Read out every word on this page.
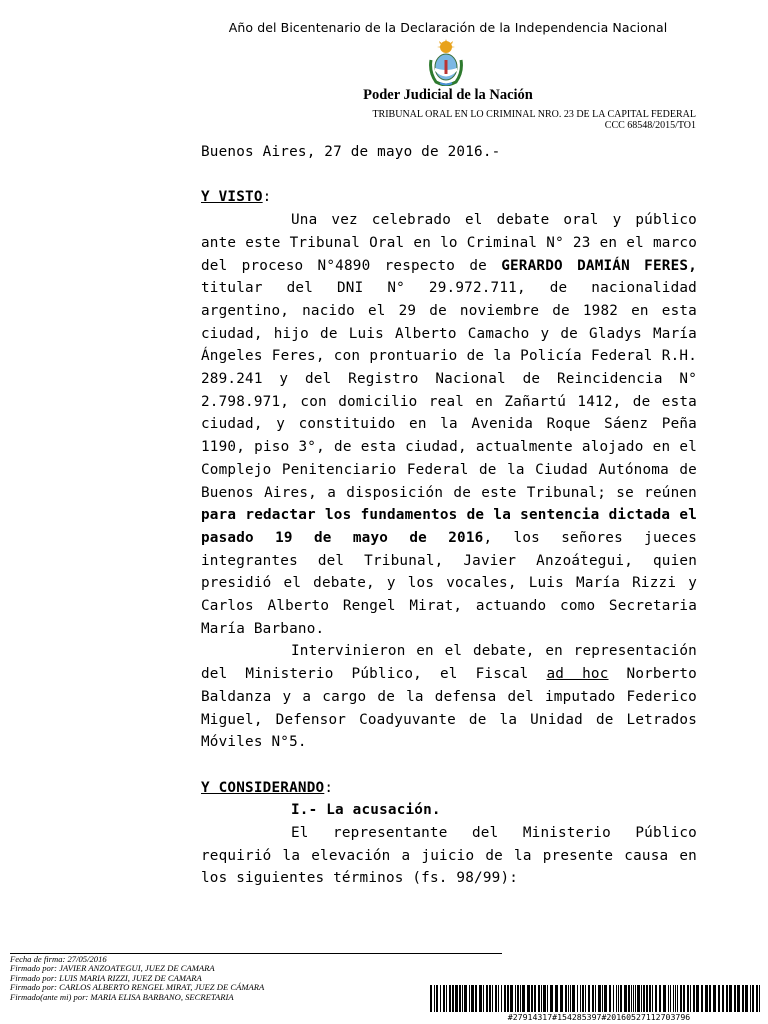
Año del Bicentenario de la Declaración de la Independencia Nacional
Poder Judicial de la Nación
TRIBUNAL ORAL EN LO CRIMINAL NRO. 23 DE LA CAPITAL FEDERAL
CCC 68548/2015/TO1

Buenos Aires, 27 de mayo de 2016.-

Y VISTO:

Una vez celebrado el debate oral y público ante este Tribunal Oral en lo Criminal N° 23 en el marco del proceso N°4890 respecto de GERARDO DAMIÁN FERES, titular del DNI N° 29.972.711, de nacionalidad argentino, nacido el 29 de noviembre de 1982 en esta ciudad, hijo de Luis Alberto Camacho y de Gladys María Ángeles Feres, con prontuario de la Policía Federal R.H. 289.241 y del Registro Nacional de Reincidencia N° 2.798.971, con domicilio real en Zañartú 1412, de esta ciudad, y constituido en la Avenida Roque Sáenz Peña 1190, piso 3°, de esta ciudad, actualmente alojado en el Complejo Penitenciario Federal de la Ciudad Autónoma de Buenos Aires, a disposición de este Tribunal; se reúnen para redactar los fundamentos de la sentencia dictada el pasado 19 de mayo de 2016, los señores jueces integrantes del Tribunal, Javier Anzoátegui, quien presidió el debate, y los vocales, Luis María Rizzi y Carlos Alberto Rengel Mirat, actuando como Secretaria María Barbano.

Intervinieron en el debate, en representación del Ministerio Público, el Fiscal ad hoc Norberto Baldanza y a cargo de la defensa del imputado Federico Miguel, Defensor Coadyuvante de la Unidad de Letrados Móviles N°5.

Y CONSIDERANDO:

I.- La acusación.

El representante del Ministerio Público requirió la elevación a juicio de la presente causa en los siguientes términos (fs. 98/99):

Fecha de firma: 27/05/2016
Firmado por: JAVIER ANZOATEGUI, JUEZ DE CAMARA
Firmado por: LUIS MARIA RIZZI, JUEZ DE CAMARA
Firmado por: CARLOS ALBERTO RENGEL MIRAT, JUEZ DE CÁMARA
Firmado(ante mi) por: MARIA ELISA BARBANO, SECRETARIA
#27914317#154285397#20160527112703796
